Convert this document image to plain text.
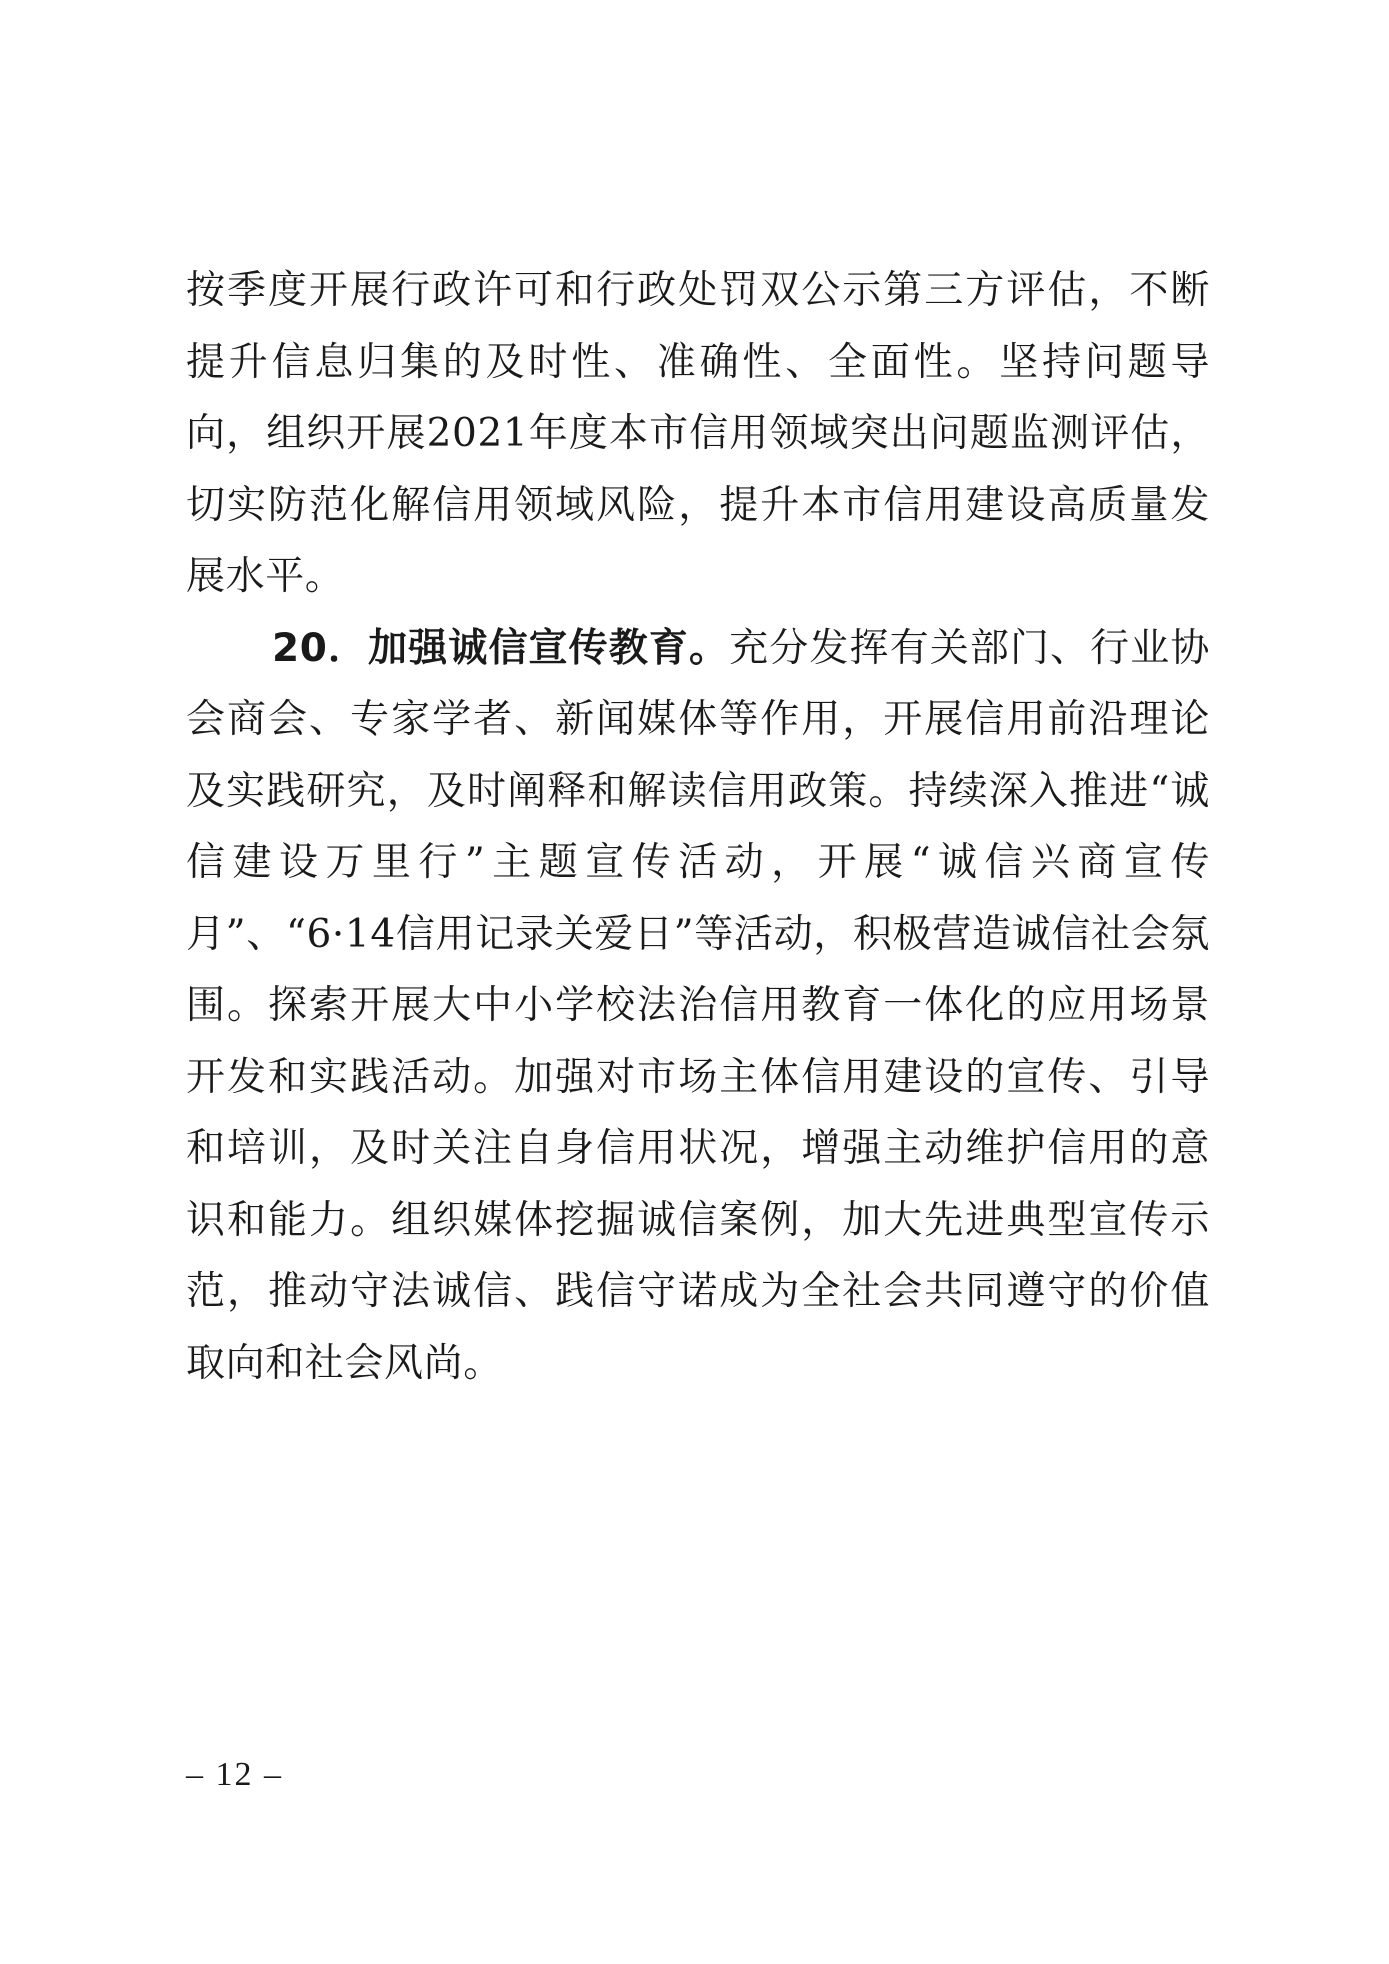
按季度开展行政许可和行政处罚双公示第三方评估，不断提升信息归集的及时性、准确性、全面性。坚持问题导向，组织开展2021年度本市信用领域突出问题监测评估，切实防范化解信用领域风险，提升本市信用建设高质量发展水平。

20．加强诚信宣传教育。充分发挥有关部门、行业协会商会、专家学者、新闻媒体等作用，开展信用前沿理论及实践研究，及时阐释和解读信用政策。持续深入推进“诚信建设万里行”主题宣传活动，开展“诚信兴商宣传月”、“6·14信用记录关爱日”等活动，积极营造诚信社会氛围。探索开展大中小学校法治信用教育一体化的应用场景开发和实践活动。加强对市场主体信用建设的宣传、引导和培训，及时关注自身信用状况，增强主动维护信用的意识和能力。组织媒体挖掘诚信案例，加大先进典型宣传示范，推动守法诚信、践信守诺成为全社会共同遵守的价值取向和社会风尚。

– 12 –
